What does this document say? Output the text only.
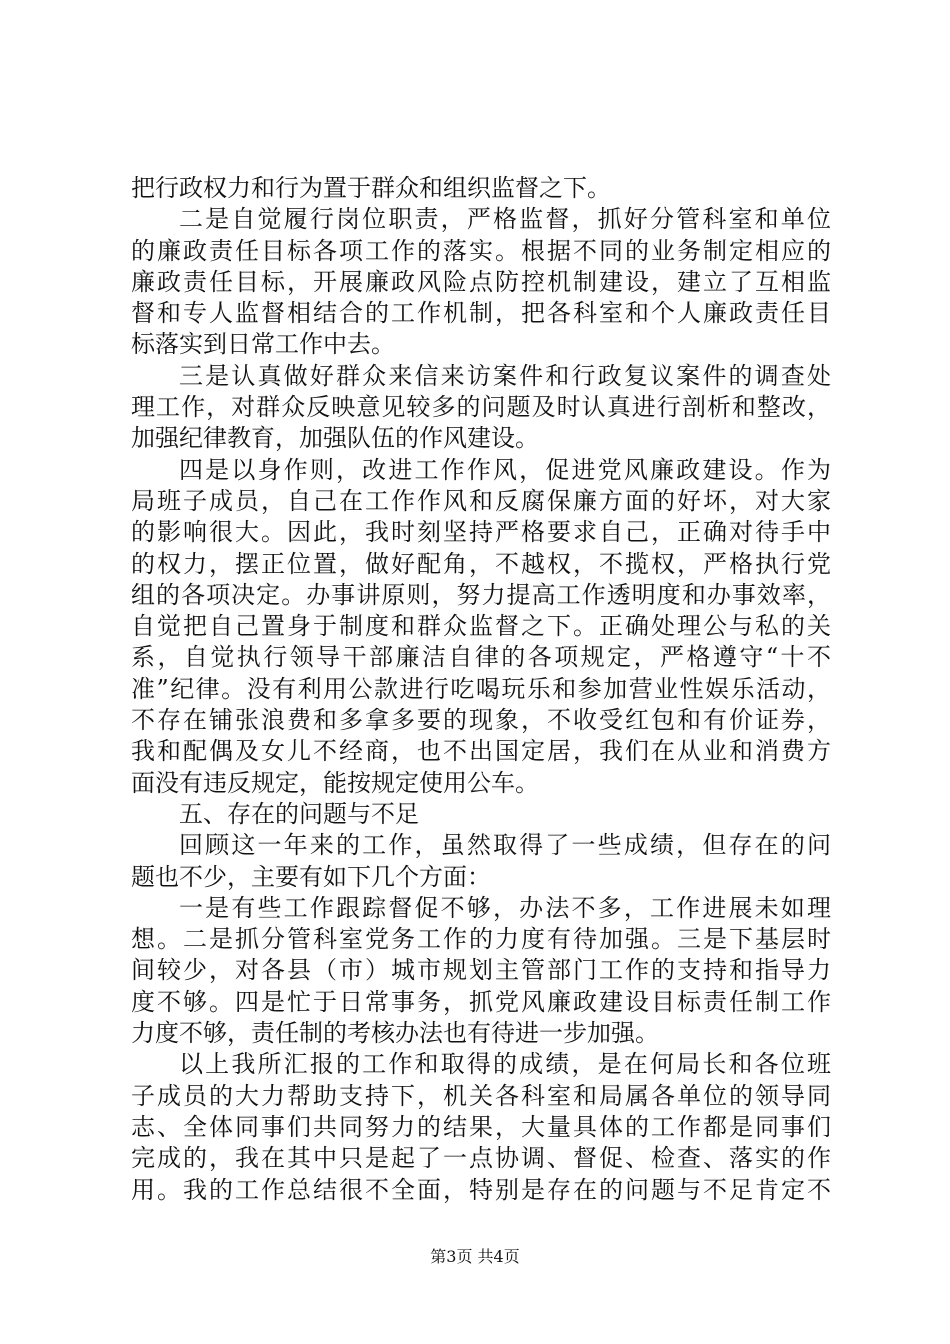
把行政权力和行为置于群众和组织监督之下。
二是自觉履行岗位职责，严格监督，抓好分管科室和单位
的廉政责任目标各项工作的落实。根据不同的业务制定相应的
廉政责任目标，开展廉政风险点防控机制建设，建立了互相监
督和专人监督相结合的工作机制，把各科室和个人廉政责任目
标落实到日常工作中去。
三是认真做好群众来信来访案件和行政复议案件的调查处
理工作，对群众反映意见较多的问题及时认真进行剖析和整改，
加强纪律教育，加强队伍的作风建设。
四是以身作则，改进工作作风，促进党风廉政建设。作为
局班子成员，自己在工作作风和反腐保廉方面的好坏，对大家
的影响很大。因此，我时刻坚持严格要求自己，正确对待手中
的权力，摆正位置，做好配角，不越权，不揽权，严格执行党
组的各项决定。办事讲原则，努力提高工作透明度和办事效率，
自觉把自己置身于制度和群众监督之下。正确处理公与私的关
系，自觉执行领导干部廉洁自律的各项规定，严格遵守“十不
准”纪律。没有利用公款进行吃喝玩乐和参加营业性娱乐活动，
不存在铺张浪费和多拿多要的现象，不收受红包和有价证券，
我和配偶及女儿不经商，也不出国定居，我们在从业和消费方
面没有违反规定，能按规定使用公车。
五、存在的问题与不足
回顾这一年来的工作，虽然取得了一些成绩，但存在的问
题也不少，主要有如下几个方面：
一是有些工作跟踪督促不够，办法不多，工作进展未如理
想。二是抓分管科室党务工作的力度有待加强。三是下基层时
间较少，对各县（市）城市规划主管部门工作的支持和指导力
度不够。四是忙于日常事务，抓党风廉政建设目标责任制工作
力度不够，责任制的考核办法也有待进一步加强。
以上我所汇报的工作和取得的成绩，是在何局长和各位班
子成员的大力帮助支持下，机关各科室和局属各单位的领导同
志、全体同事们共同努力的结果，大量具体的工作都是同事们
完成的，我在其中只是起了一点协调、督促、检查、落实的作
用。我的工作总结很不全面，特别是存在的问题与不足肯定不
第3页 共4页
